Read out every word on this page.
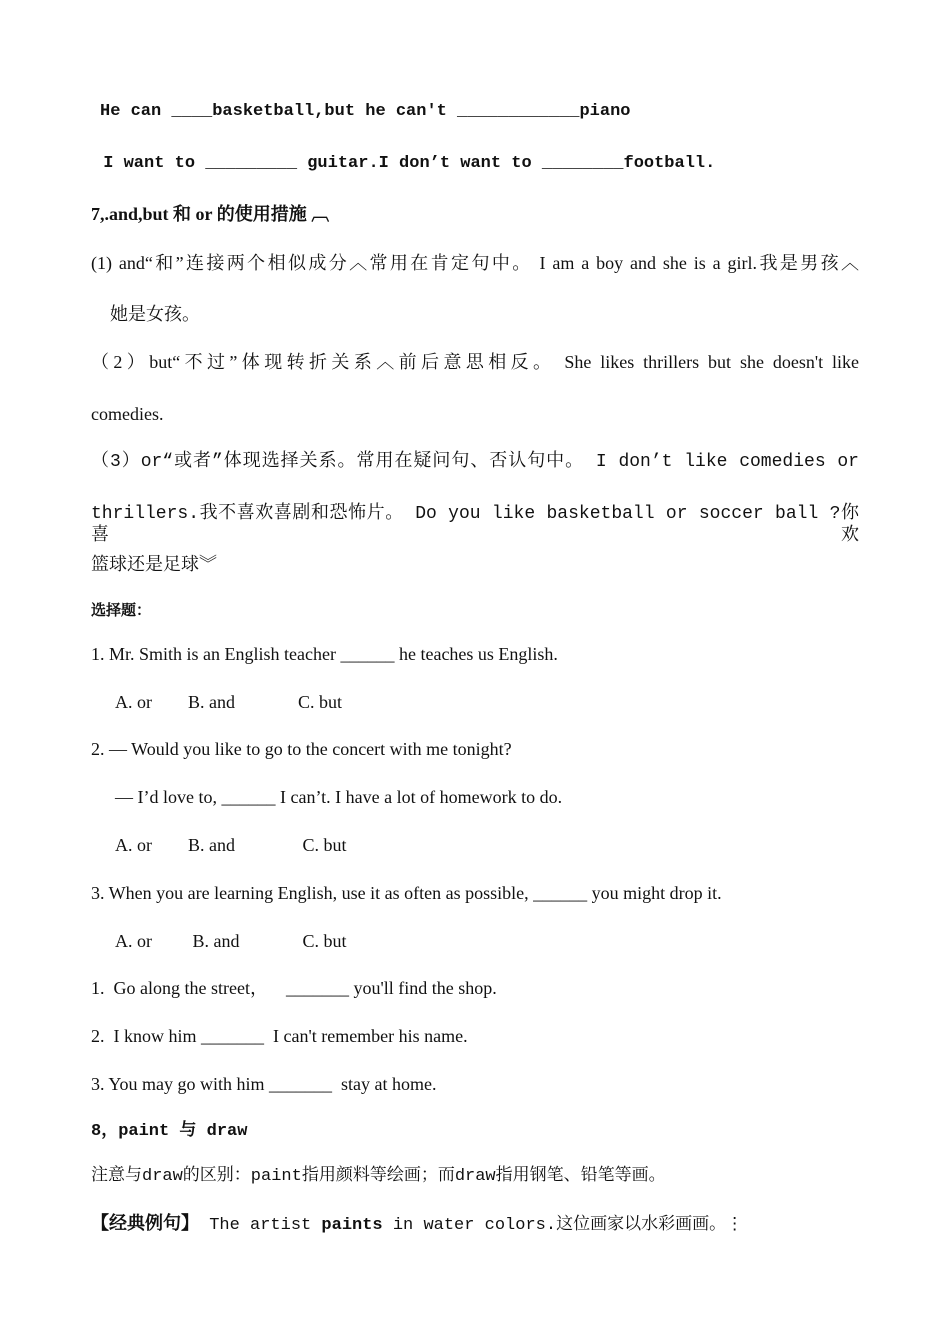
He can ____basketball,but he can't ____________piano
I want to _________ guitar.I don’t want to ________football.
7,.and,but 和 or 的使用措施 ︹
(1) and“和”连接两个相似成分︿常用在肯定句中。 I am a boy and she is a girl.我是男孩︿
她是女孩。
（2）but“不过”体现转折关系︿前后意思相反。 She likes thrillers but she doesn't like
comedies.
（3）or“或者”体现选择关系。常用在疑问句、否认句中。 I don’t like comedies or
thrillers.我不喜欢喜剧和恐怖片。 Do you like basketball or soccer ball ?你喜欢
篮球还是足球︾
选择题：
1. Mr. Smith is an English teacher ______ he teaches us English.
A. or        B. and              C. but
2. — Would you like to go to the concert with me tonight?
— I’d love to, ______ I can’t. I have a lot of homework to do.
A. or        B. and               C. but
3. When you are learning English, use it as often as possible, ______ you might drop it.
A. or         B. and              C. but
1.  Go along the street，    _______ you'll find the shop.
2.  I know him _______  I can't remember his name.
3. You may go with him _______  stay at home.
8，paint 与 draw
注意与draw的区别：paint指用颜料等绘画；而draw指用钢笔、铅笔等画。
【经典例句】 The artist paints in water colors.这位画家以水彩画画。⋮
